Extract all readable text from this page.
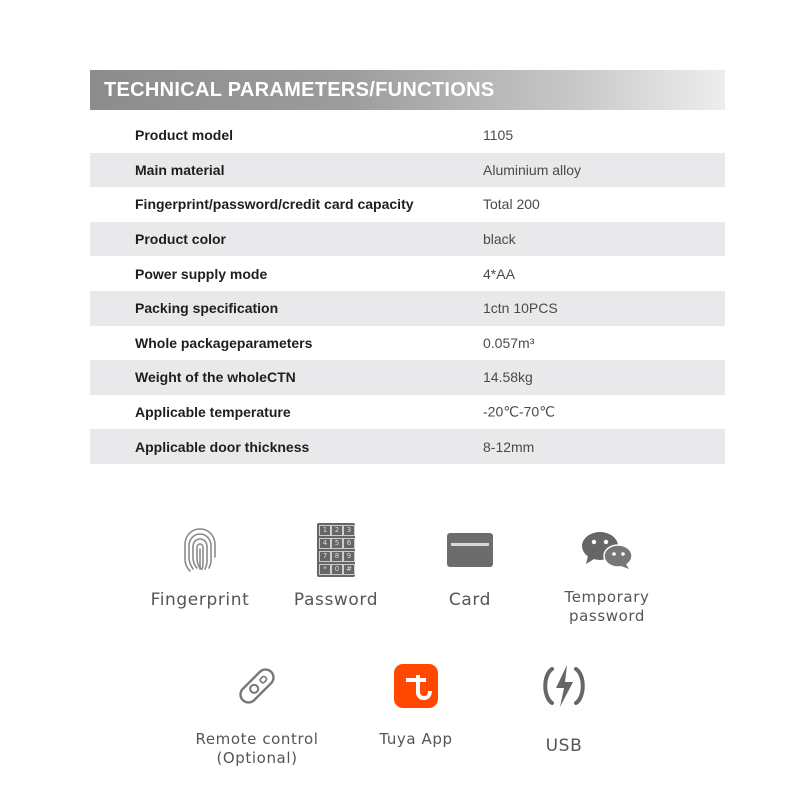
TECHNICAL PARAMETERS/FUNCTIONS
Product model	1105
Main material	Aluminium alloy
Fingerprint/password/credit card capacity	Total 200
Product color	black
Power supply mode	4*AA
Packing specification	1ctn 10PCS
Whole packageparameters	0.057m³
Weight of the wholeCTN	14.58kg
Applicable temperature	-20℃-70℃
Applicable door thickness	8-12mm
Fingerprint
1	2	3
4	5	6
7	8	9
*	0 #
Password	Card	Temporary
password
Remote control
(Optional)
Tuya App	USB
